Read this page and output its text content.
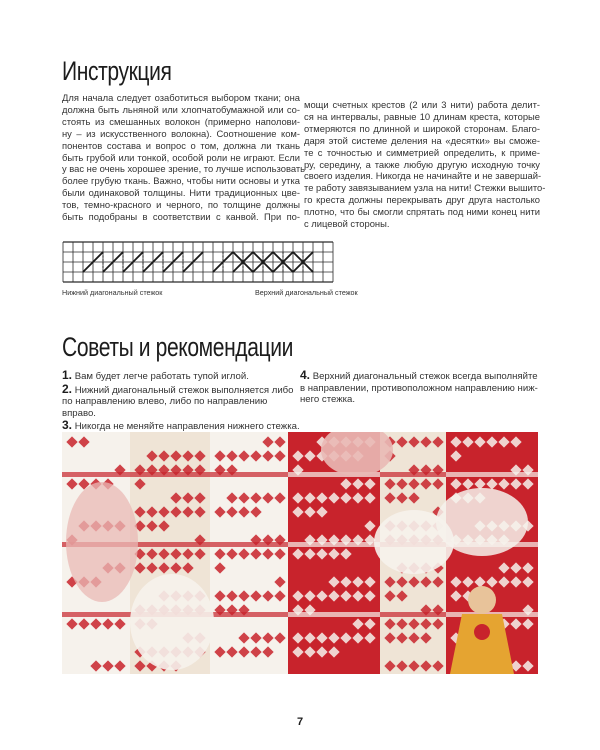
Инструкция

Для начала следует озаботиться выбором ткани; она
должна быть льняной или хлопчатобумажной или со-
стоять из смешанных волокон (примерно наполови-
ну – из искусственного волокна). Соотношение ком-
понентов состава и вопрос о том, должна ли ткань
быть грубой или тонкой, особой роли не играют. Если
у вас не очень хорошее зрение, то лучше использовать
более грубую ткань. Важно, чтобы нити основы и утка
были одинаковой толщины. Нити традиционных цве-
тов, темно-красного и черного, по толщине должны
быть подобраны в соответствии с канвой. При по-

мощи счетных крестов (2 или 3 нити) работа делит-
ся на интервалы, равные 10 длинам креста, которые
отмеряются по длинной и широкой сторонам. Благо-
даря этой системе деления на «десятки» вы сможе-
те с точностью и симметрией определить, к приме-
ру, середину, а также любую другую исходную точку
своего изделия. Никогда не начинайте и не завершай-
те работу завязыванием узла на нити! Стежки вышито-
го креста должны перекрывать друг друга настолько
плотно, что бы смогли спрятать под ними конец нити
с лицевой стороны.

Нижний диагональный стежок	Верхний диагональный стежок
Советы и рекомендации

1. Вам будет легче работать тупой иглой.

2. Нижний диагональный стежок выполняется либо по направлению влево, либо по направлению вправо.

3. Никогда не меняйте направления нижнего стежка.

4. Верхний диагональный стежок всегда выполняйте в направлении, противоположном направлению ниж-него стежка.

7
